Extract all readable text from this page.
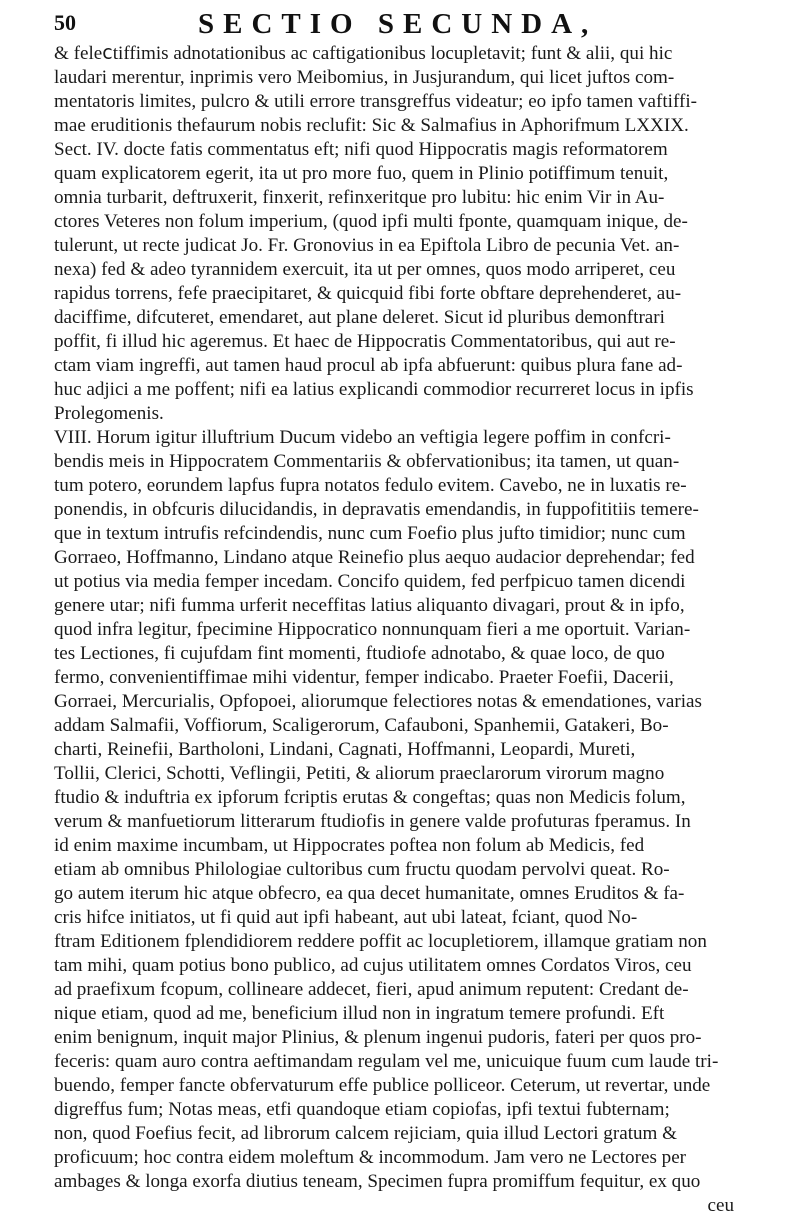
50	SECTIO SECUNDA,
& feleⅽtiffimis adnotationibus ac caftigationibus locupletavit; funt & alii, qui hic
laudari merentur, inprimis vero Meibomius, in Jusjurandum, qui licet juftos com-
mentatoris limites, pulcro & utili errore transgreffus videatur; eo ipfo tamen vaftiffi-
mae eruditionis thefaurum nobis reclufit: Sic & Salmafius in Aphorifmum LXXIX.
Sect. IV. docte fatis commentatus eft; nifi quod Hippocratis magis reformatorem
quam explicatorem egerit, ita ut pro more fuo, quem in Plinio potiffimum tenuit,
omnia turbarit, deftruxerit, finxerit, refinxeritque pro lubitu: hic enim Vir in Au-
ctores Veteres non folum imperium, (quod ipfi multi fponte, quamquam inique, de-
tulerunt, ut recte judicat Jo. Fr. Gronovius in ea Epiftola Libro de pecunia Vet. an-
nexa) fed & adeo tyrannidem exercuit, ita ut per omnes, quos modo arriperet, ceu
rapidus torrens, fefe praecipitaret, & quicquid fibi forte obftare deprehenderet, au-
daciffime, difcuteret, emendaret, aut plane deleret. Sicut id pluribus demonftrari
poffit, fi illud hic ageremus. Et haec de Hippocratis Commentatoribus, qui aut re-
ctam viam ingreffi, aut tamen haud procul ab ipfa abfuerunt: quibus plura fane ad-
huc adjici a me poffent; nifi ea latius explicandi commodior recurreret locus in ipfis
Prolegomenis.
VIII. Horum igitur illuftrium Ducum videbo an veftigia legere poffim in confcri-
bendis meis in Hippocratem Commentariis & obfervationibus; ita tamen, ut quan-
tum potero, eorundem lapfus fupra notatos fedulo evitem. Cavebo, ne in luxatis re-
ponendis, in obfcuris dilucidandis, in depravatis emendandis, in fuppofititiis temere-
que in textum intrufis refcindendis, nunc cum Foefio plus jufto timidior; nunc cum
Gorraeo, Hoffmanno, Lindano atque Reinefio plus aequo audacior deprehendar; fed
ut potius via media femper incedam. Concifo quidem, fed perfpicuo tamen dicendi
genere utar; nifi fumma urferit neceffitas latius aliquanto divagari, prout & in ipfo,
quod infra legitur, fpecimine Hippocratico nonnunquam fieri a me oportuit. Varian-
tes Lectiones, fi cujufdam fint momenti, ftudiofe adnotabo, & quae loco, de quo
fermo, convenientiffimae mihi videntur, femper indicabo. Praeter Foefii, Dacerii,
Gorraei, Mercurialis, Opfopoei, aliorumque felectiores notas & emendationes, varias
addam Salmafii, Voffiorum, Scaligerorum, Cafauboni, Spanhemii, Gatakeri, Bo-
charti, Reinefii, Bartholoni, Lindani, Cagnati, Hoffmanni, Leopardi, Mureti,
Tollii, Clerici, Schotti, Veflingii, Petiti, & aliorum praeclarorum virorum magno
ftudio & induftria ex ipforum fcriptis erutas & congeftas; quas non Medicis folum,
verum & manfuetiorum litterarum ftudiofis in genere valde profuturas fperamus. In
id enim maxime incumbam, ut Hippocrates poftea non folum ab Medicis, fed
etiam ab omnibus Philologiae cultoribus cum fructu quodam pervolvi queat. Ro-
go autem iterum hic atque obfecro, ea qua decet humanitate, omnes Eruditos & fa-
cris hifce initiatos, ut fi quid aut ipfi habeant, aut ubi lateat, fciant, quod No-
ftram Editionem fplendidiorem reddere poffit ac locupletiorem, illamque gratiam non
tam mihi, quam potius bono publico, ad cujus utilitatem omnes Cordatos Viros, ceu
ad praefixum fcopum, collineare addecet, fieri, apud animum reputent: Credant de-
nique etiam, quod ad me, beneficium illud non in ingratum temere profundi. Eft
enim benignum, inquit major Plinius, & plenum ingenui pudoris, fateri per quos pro-
feceris: quam auro contra aeftimandam regulam vel me, unicuique fuum cum laude tri-
buendo, femper fancte obfervaturum effe publice polliceor. Ceterum, ut revertar, unde
digreffus fum; Notas meas, etfi quandoque etiam copiofas, ipfi textui fubternam;
non, quod Foefius fecit, ad librorum calcem rejiciam, quia illud Lectori gratum &
proficuum; hoc contra eidem moleftum & incommodum. Jam vero ne Lectores per
ambages & longa exorfa diutius teneam, Specimen fupra promiffum fequitur, ex quo
ceu
